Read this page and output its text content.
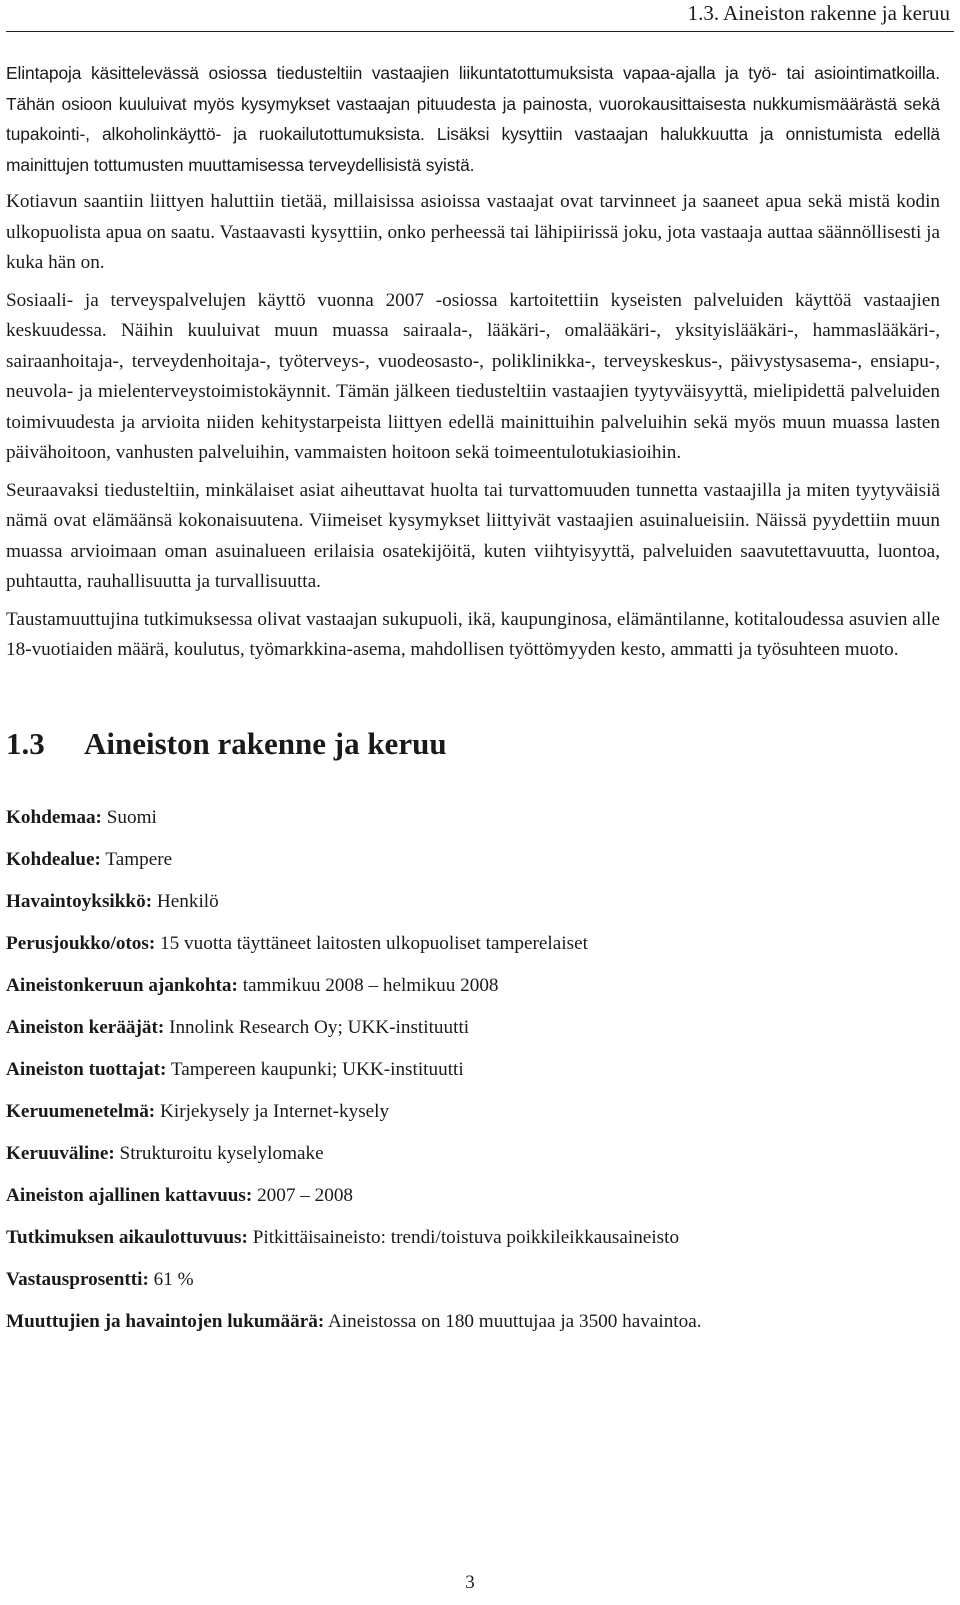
1.3. Aineiston rakenne ja keruu

Elintapoja käsittelevässä osiossa tiedusteltiin vastaajien liikuntatottumuksista vapaa-ajalla ja työ- tai asiointimatkoilla. Tähän osioon kuuluivat myös kysymykset vastaajan pituudesta ja painosta, vuorokausittaisesta nukkumismäärästä sekä tupakointi-, alkoholinkäyttö- ja ruokailutottumuksista. Lisäksi kysyttiin vastaajan halukkuutta ja onnistumista edellä mainittujen tottumusten muuttamisessa terveydellisistä syistä.

Kotiavun saantiin liittyen haluttiin tietää, millaisissa asioissa vastaajat ovat tarvinneet ja saaneet apua sekä mistä kodin ulkopuolista apua on saatu. Vastaavasti kysyttiin, onko perheessä tai lähipiirissä joku, jota vastaaja auttaa säännöllisesti ja kuka hän on.

Sosiaali- ja terveyspalvelujen käyttö vuonna 2007 -osiossa kartoitettiin kyseisten palveluiden käyttöä vastaajien keskuudessa. Näihin kuuluivat muun muassa sairaala-, lääkäri-, omalääkäri-, yksityislääkäri-, hammaslääkäri-, sairaanhoitaja-, terveydenhoitaja-, työterveys-, vuodeosasto-, poliklinikka-, terveyskeskus-, päivystysasema-, ensiapu-, neuvola- ja mielenterveystoimistokäynnit. Tämän jälkeen tiedusteltiin vastaajien tyytyväisyyttä, mielipidettä palveluiden toimivuudesta ja arvioita niiden kehitystarpeista liittyen edellä mainittuihin palveluihin sekä myös muun muassa lasten päivähoitoon, vanhusten palveluihin, vammaisten hoitoon sekä toimeentulotukiasioihin.

Seuraavaksi tiedusteltiin, minkälaiset asiat aiheuttavat huolta tai turvattomuuden tunnetta vastaajilla ja miten tyytyväisiä nämä ovat elämäänsä kokonaisuutena. Viimeiset kysymykset liittyivät vastaajien asuinalueisiin. Näissä pyydettiin muun muassa arvioimaan oman asuinalueen erilaisia osatekijöitä, kuten viihtyisyyttä, palveluiden saavutettavuutta, luontoa, puhtautta, rauhallisuutta ja turvallisuutta.

Taustamuuttujina tutkimuksessa olivat vastaajan sukupuoli, ikä, kaupunginosa, elämäntilanne, kotitaloudessa asuvien alle 18-vuotiaiden määrä, koulutus, työmarkkina-asema, mahdollisen työttömyyden kesto, ammatti ja työsuhteen muoto.

1.3 Aineiston rakenne ja keruu
Kohdemaa: Suomi
Kohdealue: Tampere
Havaintoyksikkö: Henkilö
Perusjoukko/otos: 15 vuotta täyttäneet laitosten ulkopuoliset tamperelaiset
Aineistonkeruun ajankohta: tammikuu 2008 – helmikuu 2008
Aineiston kerääjät: Innolink Research Oy; UKK-instituutti
Aineiston tuottajat: Tampereen kaupunki; UKK-instituutti
Keruumenetelmä: Kirjekysely ja Internet-kysely
Keruuväline: Strukturoitu kyselylomake
Aineiston ajallinen kattavuus: 2007 – 2008
Tutkimuksen aikaulottuvuus: Pitkittäisaineisto: trendi/toistuva poikkileikkausaineisto
Vastausprosentti: 61 %
Muuttujien ja havaintojen lukumäärä: Aineistossa on 180 muuttujaa ja 3500 havaintoa.
3
